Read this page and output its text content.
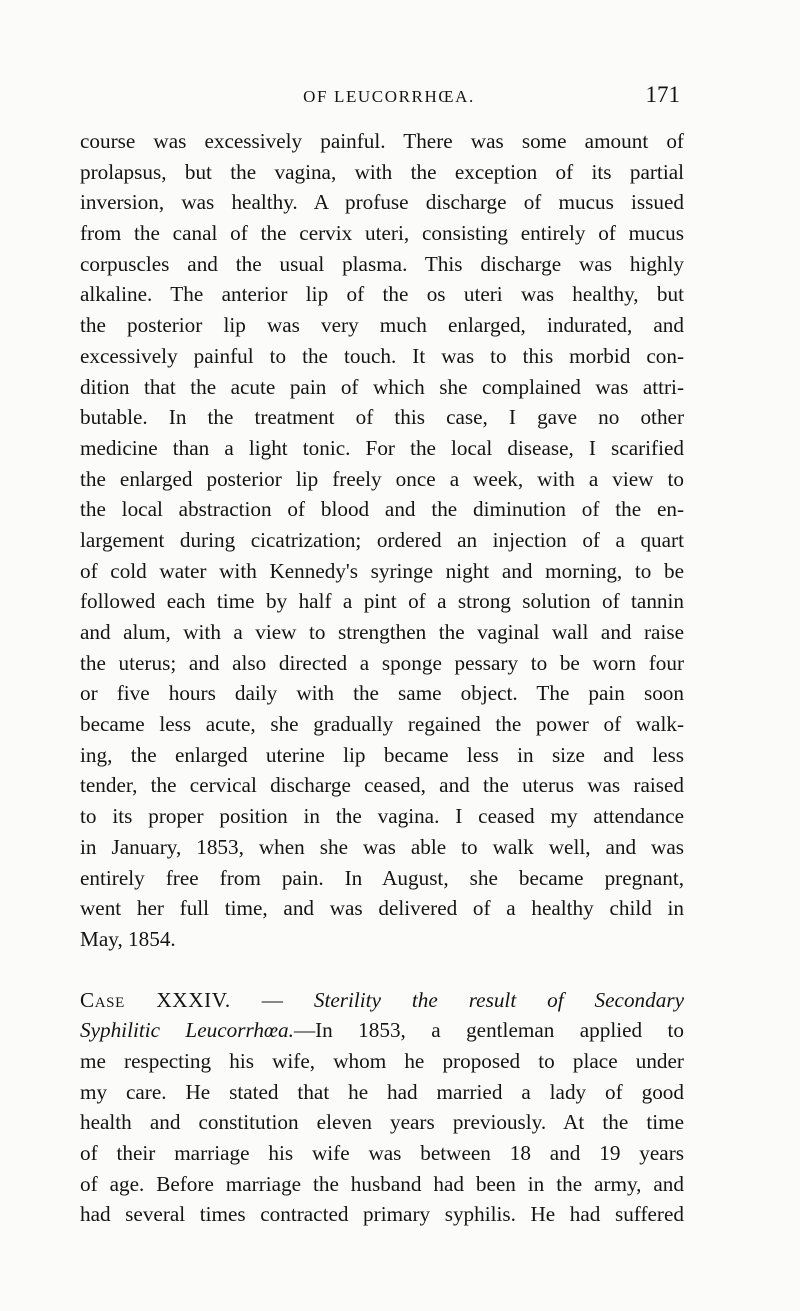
OF LEUCORRHŒA.	171
course was excessively painful. There was some amount of
prolapsus, but the vagina, with the exception of its partial
inversion, was healthy. A profuse discharge of mucus issued
from the canal of the cervix uteri, consisting entirely of mucus
corpuscles and the usual plasma. This discharge was highly
alkaline. The anterior lip of the os uteri was healthy, but
the posterior lip was very much enlarged, indurated, and
excessively painful to the touch. It was to this morbid con-
dition that the acute pain of which she complained was attri-
butable. In the treatment of this case, I gave no other
medicine than a light tonic. For the local disease, I scarified
the enlarged posterior lip freely once a week, with a view to
the local abstraction of blood and the diminution of the en-
largement during cicatrization; ordered an injection of a quart
of cold water with Kennedy's syringe night and morning, to be
followed each time by half a pint of a strong solution of tannin
and alum, with a view to strengthen the vaginal wall and raise
the uterus; and also directed a sponge pessary to be worn four
or five hours daily with the same object. The pain soon
became less acute, she gradually regained the power of walk-
ing, the enlarged uterine lip became less in size and less
tender, the cervical discharge ceased, and the uterus was raised
to its proper position in the vagina. I ceased my attendance
in January, 1853, when she was able to walk well, and was
entirely free from pain. In August, she became pregnant,
went her full time, and was delivered of a healthy child in
May, 1854.
Case XXXIV. — Sterility the result of Secondary
Syphilitic Leucorrhœa.—In 1853, a gentleman applied to
me respecting his wife, whom he proposed to place under
my care. He stated that he had married a lady of good
health and constitution eleven years previously. At the time
of their marriage his wife was between 18 and 19 years
of age. Before marriage the husband had been in the army, and
had several times contracted primary syphilis. He had suffered
